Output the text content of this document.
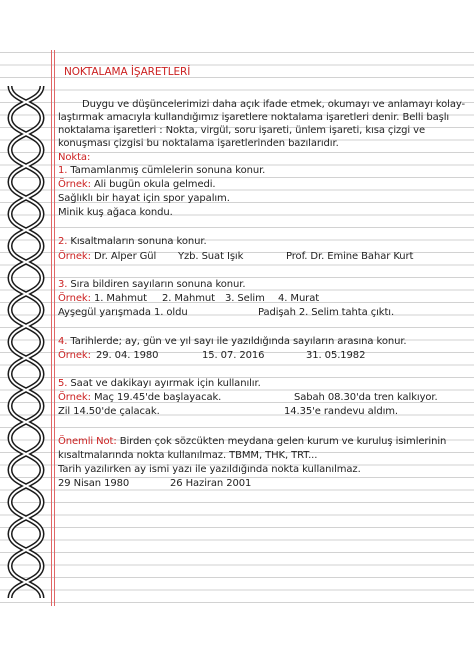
NOKTALAMA İŞARETLERİ
Duygu ve düşüncelerimizi daha açık ifade etmek, okumayı ve anlamayı kolay-
laştırmak amacıyla kullandığımız işaretlere noktalama işaretleri denir. Belli başlı
noktalama işaretleri : Nokta, virgül, soru işareti, ünlem işareti, kısa çizgi ve
konuşması çizgisi bu noktalama işaretlerinden bazılarıdır.
Nokta:
1. Tamamlanmış cümlelerin sonuna konur.
Örnek: Ali bugün okula gelmedi.
Sağlıklı bir hayat için spor yapalım.
Minik kuş ağaca kondu.
2. Kısaltmaların sonuna konur.
Örnek: Dr. Alper Gül Yzb. Suat Işık	Prof. Dr. Emine Bahar Kurt
3. Sıra bildiren sayıların sonuna konur.
Örnek: 1. Mahmut 2. Mahmut 3. Selim 4. Murat
Ayşegül yarışmada 1. oldu	Padişah 2. Selim tahta çıktı.
4. Tarihlerde; ay, gün ve yıl sayı ile yazıldığında sayıların arasına konur.
Örnek: 29. 04. 1980	15. 07. 2016	31. 05.1982
5. Saat ve dakikayı ayırmak için kullanılır.
Örnek: Maç 19.45'de başlayacak.	Sabah 08.30'da tren kalkıyor.
Zil 14.50'de çalacak.	14.35'e randevu aldım.
Önemli Not: Birden çok sözcükten meydana gelen kurum ve kuruluş isimlerinin
kısaltmalarında nokta kullanılmaz. TBMM, THK, TRT...
Tarih yazılırken ay ismi yazı ile yazıldığında nokta kullanılmaz.
29 Nisan 1980	26 Haziran 2001
